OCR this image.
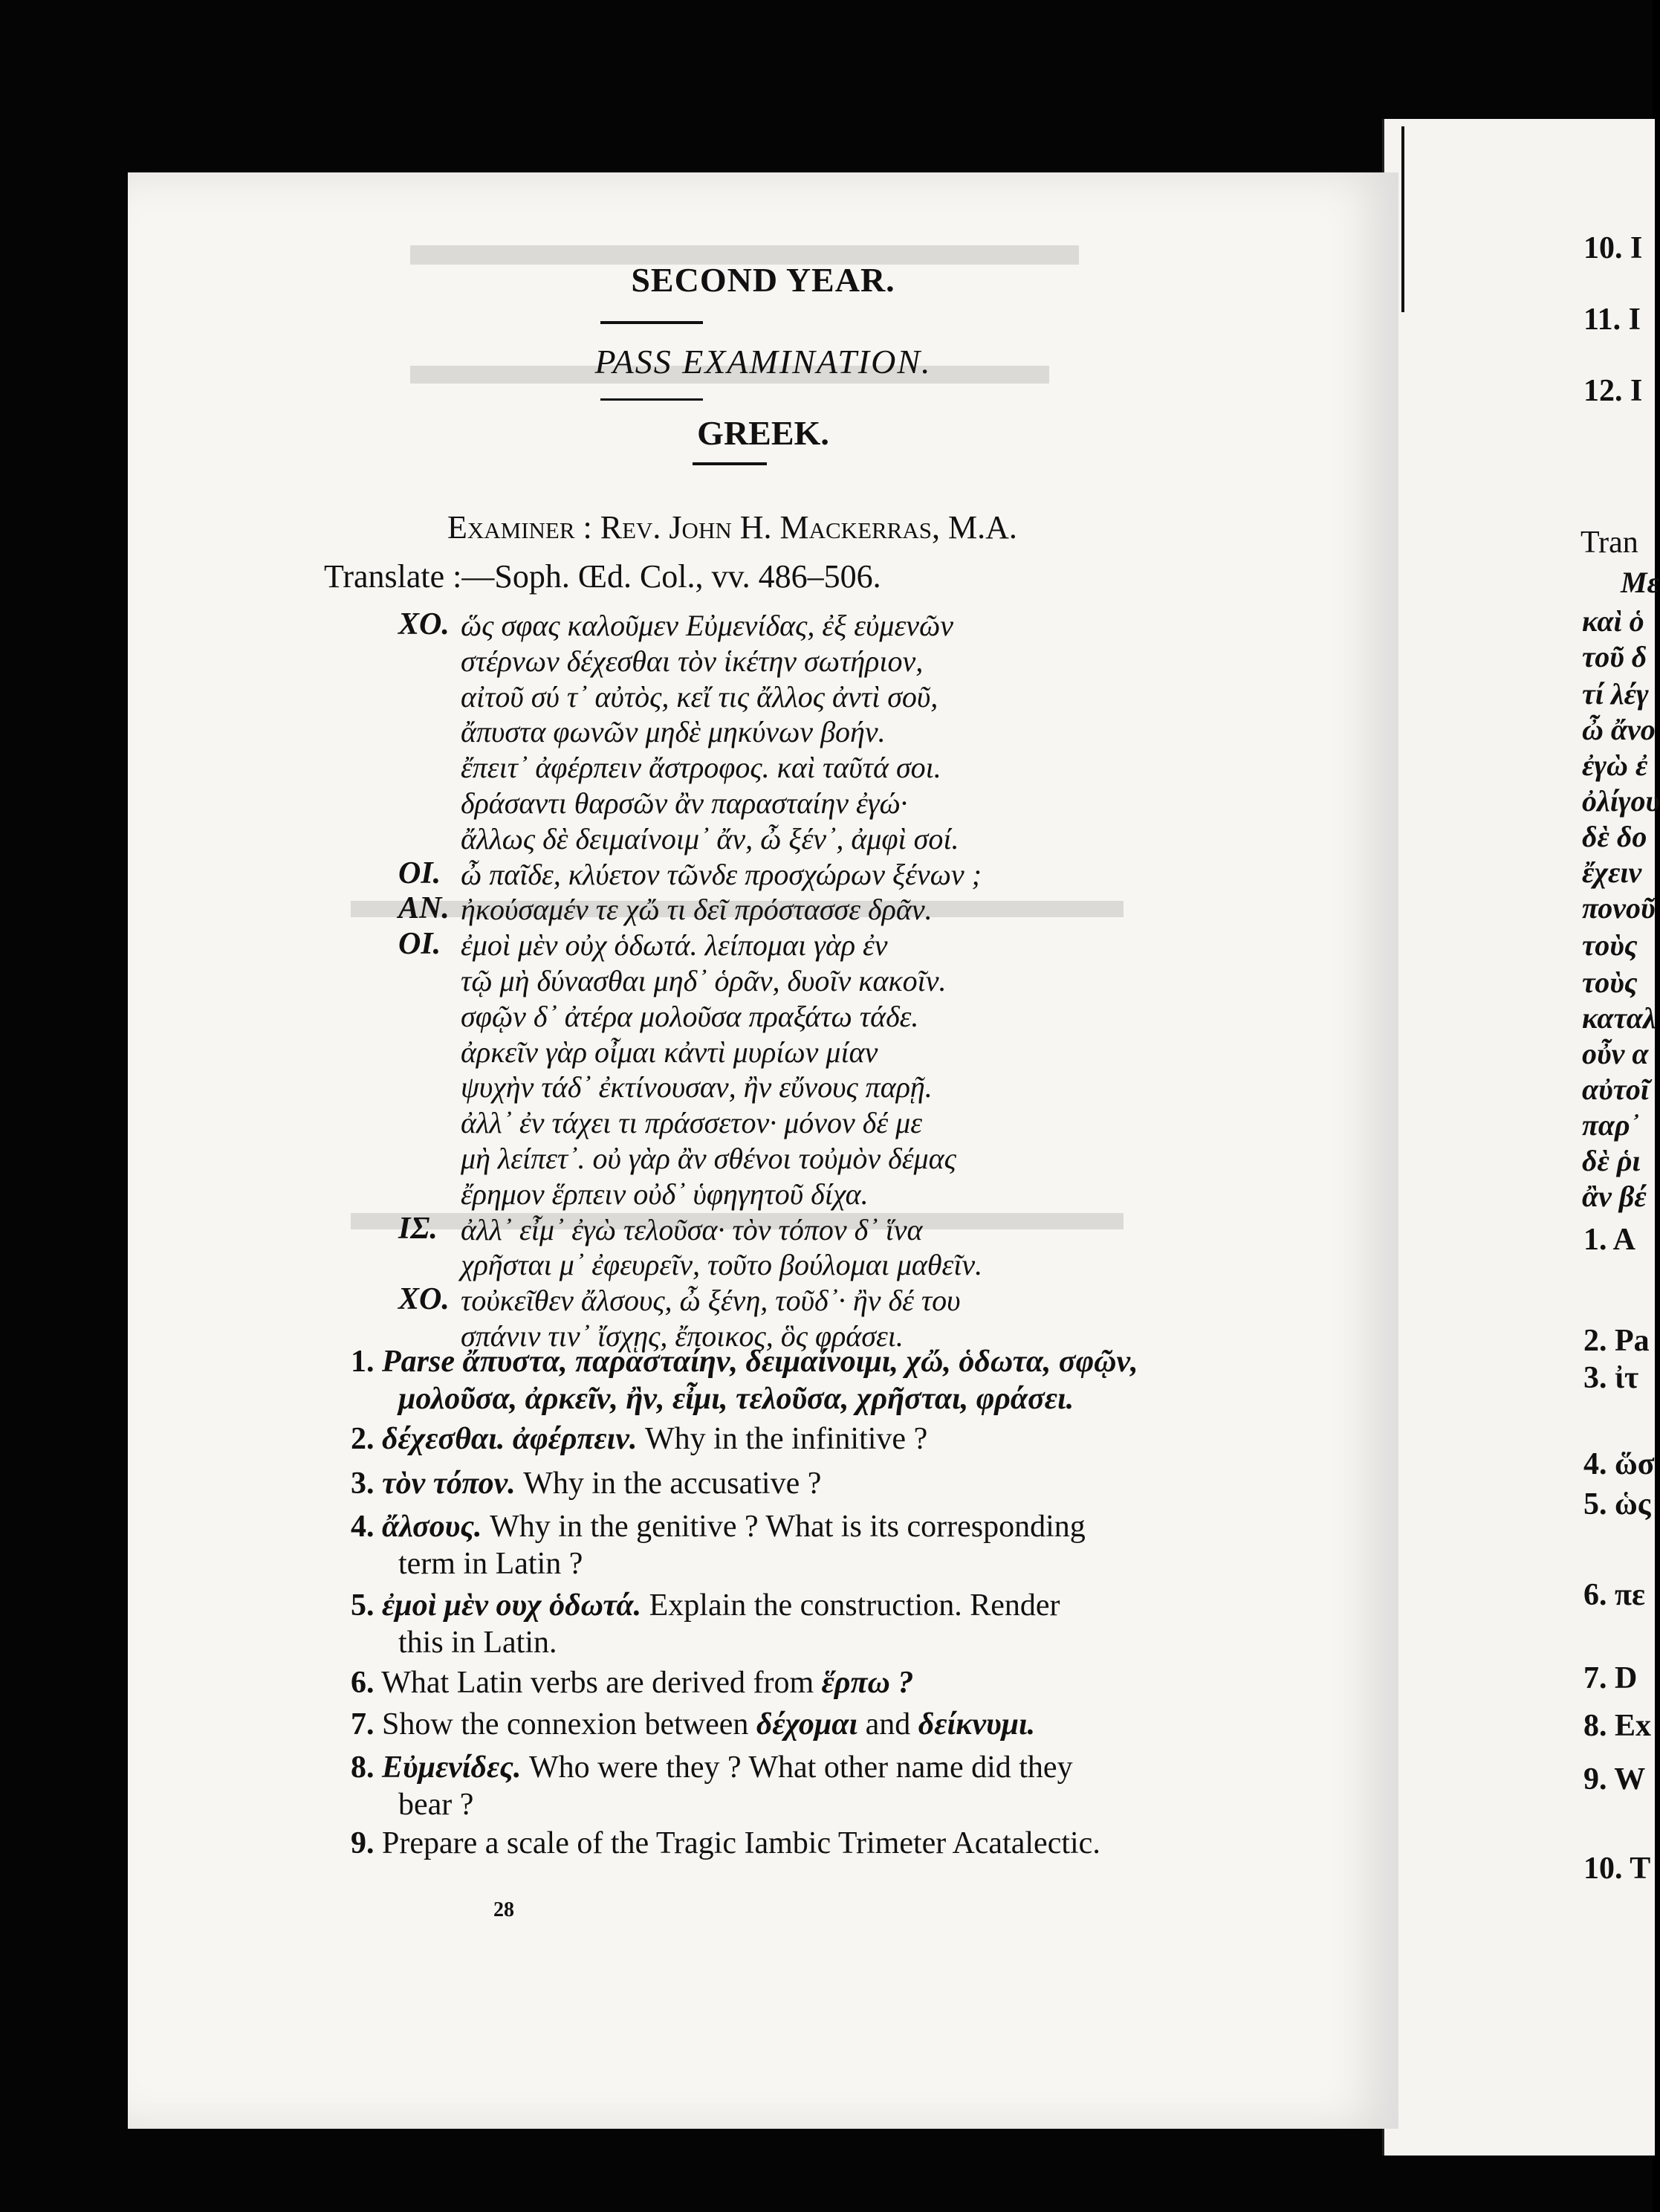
10. I
11. I
12. I
Tran
Με
καὶ ὁ
τοῦ δ
τί λέγ
ὦ ἄνο
ἐγὼ ἐ
ὀλίγου
δὲ δο
ἔχειν
πονοῦ
τοὺς
τοὺς
καταλ
οὖν α
αὐτοῖ
παρ᾽
δὲ ῥι
ἂν βέ
1. A
2. Pa
3. ἰτ
4. ὥσ
5. ὡς
6. πε
7. D
8. Ex
9. W
10. T
SECOND YEAR.
PASS EXAMINATION.
GREEK.
Examiner : Rev. John H. Mackerras, M.A.
Translate :—Soph. Œd. Col., vv. 486–506.
ΧΟ. ὥς σφας καλοῦμεν Εὐμενίδας, ἐξ εὐμενῶν
στέρνων δέχεσθαι τὸν ἱκέτην σωτήριον,
αἰτοῦ σύ τ᾽ αὐτὸς, κεἴ τις ἄλλος ἀντὶ σοῦ,
ἄπυστα φωνῶν μηδὲ μηκύνων βοήν.
ἔπειτ᾽ ἀφέρπειν ἄστροφος. καὶ ταῦτά σοι.
δράσαντι θαρσῶν ἂν παρασταίην ἐγώ·
ἄλλως δὲ δειμαίνοιμ᾽ ἄν, ὦ ξέν᾽, ἀμφὶ σοί.
ΟΙ. ὦ παῖδε, κλύετον τῶνδε προσχώρων ξένων ;
ΑΝ. ἠκούσαμέν τε χὤ τι δεῖ πρόστασσε δρᾶν.
ΟΙ. ἐμοὶ μὲν οὐχ ὁδωτά. λείπομαι γὰρ ἐν
τῷ μὴ δύνασθαι μηδ᾽ ὁρᾶν, δυοῖν κακοῖν.
σφῷν δ᾽ ἀτέρα μολοῦσα πραξάτω τάδε.
ἀρκεῖν γὰρ οἶμαι κἀντὶ μυρίων μίαν
ψυχὴν τάδ᾽ ἐκτίνουσαν, ἢν εὔνους παρῇ.
ἀλλ᾽ ἐν τάχει τι πράσσετον· μόνον δέ με
μὴ λείπετ᾽. οὐ γὰρ ἂν σθένοι τοὐμὸν δέμας
ἔρημον ἕρπειν οὐδ᾽ ὑφηγητοῦ δίχα.
ΙΣ. ἀλλ᾽ εἶμ᾽ ἐγὼ τελοῦσα· τὸν τόπον δ᾽ ἵνα
χρῆσται μ᾽ ἐφευρεῖν, τοῦτο βούλομαι μαθεῖν.
ΧΟ. τοὐκεῖθεν ἄλσους, ὦ ξένη, τοῦδ᾽· ἢν δέ του
σπάνιν τιν᾽ ἴσχῃς, ἔποικος, ὃς φράσει.
1. Parse ἄπυστα, παρασταίην, δειμαίνοιμι, χὤ, ὁδωτα, σφῷν,
μολοῦσα, ἀρκεῖν, ἢν, εἶμι, τελοῦσα, χρῆσται, φράσει.
2. δέχεσθαι. ἀφέρπειν. Why in the infinitive ?
3. τὸν τόπον. Why in the accusative ?
4. ἄλσους. Why in the genitive ? What is its corresponding
term in Latin ?
5. ἐμοὶ μὲν ουχ ὁδωτά. Explain the construction. Render
this in Latin.
6. What Latin verbs are derived from ἕρπω ?
7. Show the connexion between δέχομαι and δείκνυμι.
8. Εὐμενίδες. Who were they ? What other name did they
bear ?
9. Prepare a scale of the Tragic Iambic Trimeter Acatalectic.
28
